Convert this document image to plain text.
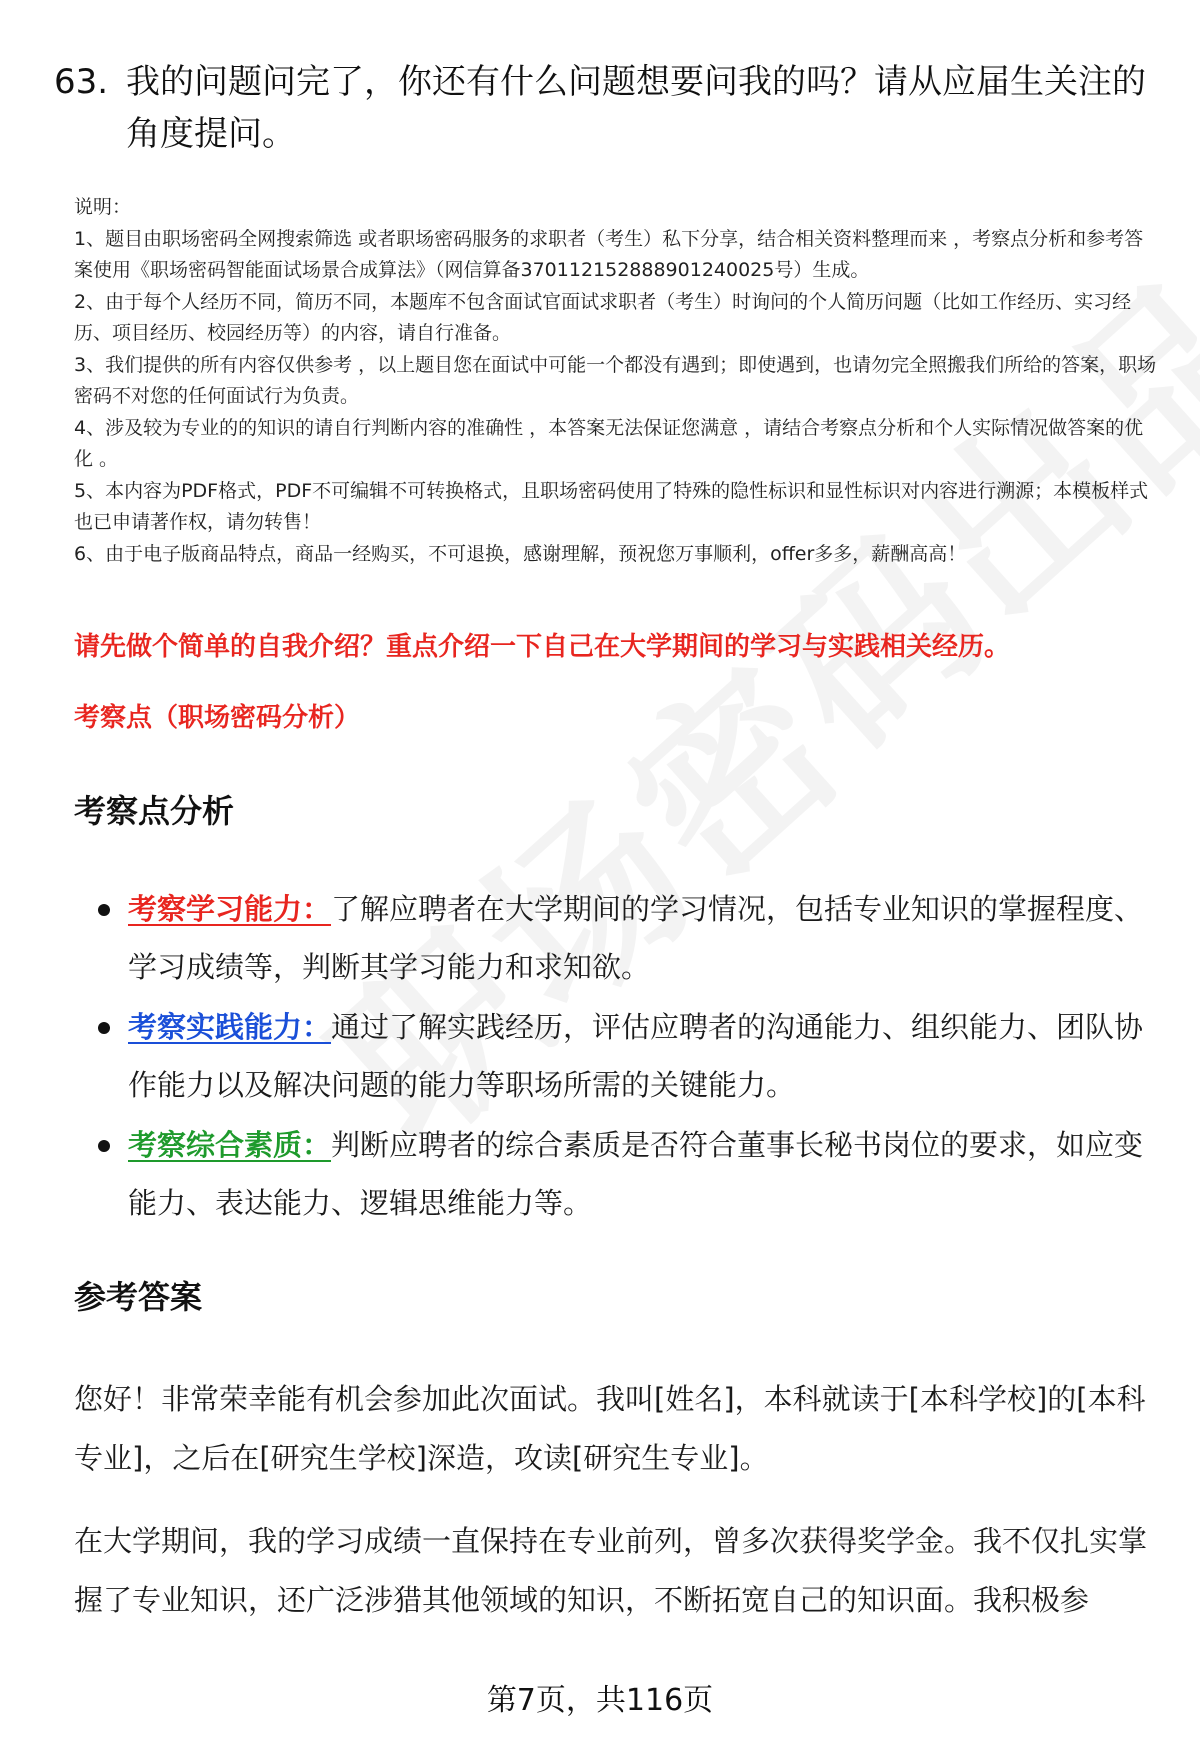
63. 我的问题问完了，你还有什么问题想要问我的吗？请从应届生关注的角度提问。

说明：

1、题目由职场密码全网搜索筛选 或者职场密码服务的求职者（考生）私下分享，结合相关资料整理而来 ，考察点分析和参考答案使用《职场密码智能面试场景合成算法》（网信算备370112152888901240025号）生成。

2、由于每个人经历不同，简历不同，本题库不包含面试官面试求职者（考生）时询问的个人简历问题（比如工作经历、实习经历、项目经历、校园经历等）的内容，请自行准备。

3、我们提供的所有内容仅供参考 ，以上题目您在面试中可能一个都没有遇到；即使遇到，也请勿完全照搬我们所给的答案，职场密码不对您的任何面试行为负责。

4、涉及较为专业的的知识的请自行判断内容的准确性 ，本答案无法保证您满意 ，请结合考察点分析和个人实际情况做答案的优化 。

5、本内容为PDF格式，PDF不可编辑不可转换格式，且职场密码使用了特殊的隐性标识和显性标识对内容进行溯源；本模板样式也已申请著作权，请勿转售！

6、由于电子版商品特点，商品一经购买，不可退换，感谢理解，预祝您万事顺利，offer多多，薪酬高高！

请先做个简单的自我介绍？重点介绍一下自己在大学期间的学习与实践相关经历。
考察点（职场密码分析）
考察点分析
考察学习能力：了解应聘者在大学期间的学习情况，包括专业知识的掌握程度、学习成绩等，判断其学习能力和求知欲。
考察实践能力：通过了解实践经历，评估应聘者的沟通能力、组织能力、团队协作能力以及解决问题的能力等职场所需的关键能力。
考察综合素质：判断应聘者的综合素质是否符合董事长秘书岗位的要求，如应变能力、表达能力、逻辑思维能力等。
参考答案
您好！非常荣幸能有机会参加此次面试。我叫[姓名]，本科就读于[本科学校]的[本科专业]，之后在[研究生学校]深造，攻读[研究生专业]。
在大学期间，我的学习成绩一直保持在专业前列，曾多次获得奖学金。我不仅扎实掌握了专业知识，还广泛涉猎其他领域的知识，不断拓宽自己的知识面。我积极参
第7页，共116页
